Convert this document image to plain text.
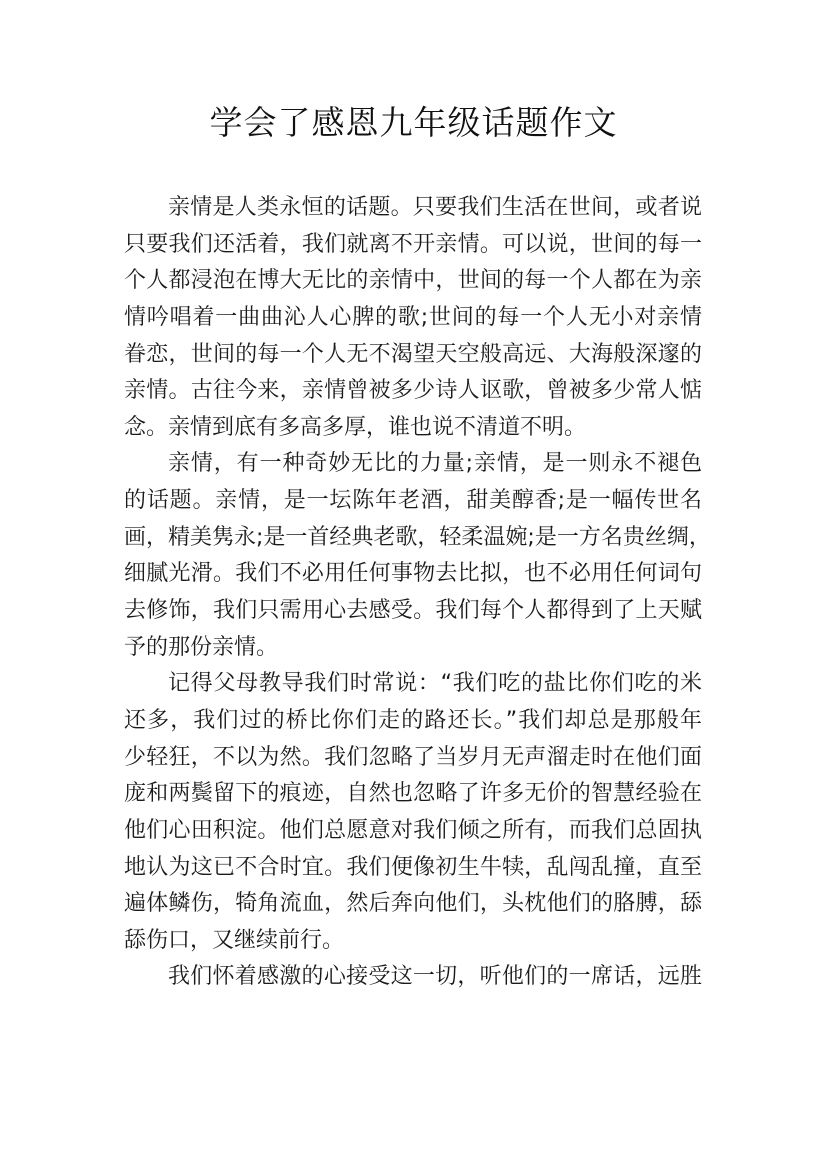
学会了感恩九年级话题作文
亲情是人类永恒的话题。只要我们生活在世间，或者说
只要我们还活着，我们就离不开亲情。可以说，世间的每一
个人都浸泡在博大无比的亲情中，世间的每一个人都在为亲
情吟唱着一曲曲沁人心脾的歌;世间的每一个人无小对亲情
眷恋，世间的每一个人无不渴望天空般高远、大海般深邃的
亲情。古往今来，亲情曾被多少诗人讴歌，曾被多少常人惦
念。亲情到底有多高多厚，谁也说不清道不明。
亲情，有一种奇妙无比的力量;亲情，是一则永不褪色
的话题。亲情，是一坛陈年老酒，甜美醇香;是一幅传世名
画，精美隽永;是一首经典老歌，轻柔温婉;是一方名贵丝绸，
细腻光滑。我们不必用任何事物去比拟，也不必用任何词句
去修饰，我们只需用心去感受。我们每个人都得到了上天赋
予的那份亲情。
记得父母教导我们时常说：“我们吃的盐比你们吃的米
还多，我们过的桥比你们走的路还长。”我们却总是那般年
少轻狂，不以为然。我们忽略了当岁月无声溜走时在他们面
庞和两鬓留下的痕迹，自然也忽略了许多无价的智慧经验在
他们心田积淀。他们总愿意对我们倾之所有，而我们总固执
地认为这已不合时宜。我们便像初生牛犊，乱闯乱撞，直至
遍体鳞伤，犄角流血，然后奔向他们，头枕他们的胳膊，舔
舔伤口，又继续前行。
我们怀着感激的心接受这一切，听他们的一席话，远胜
